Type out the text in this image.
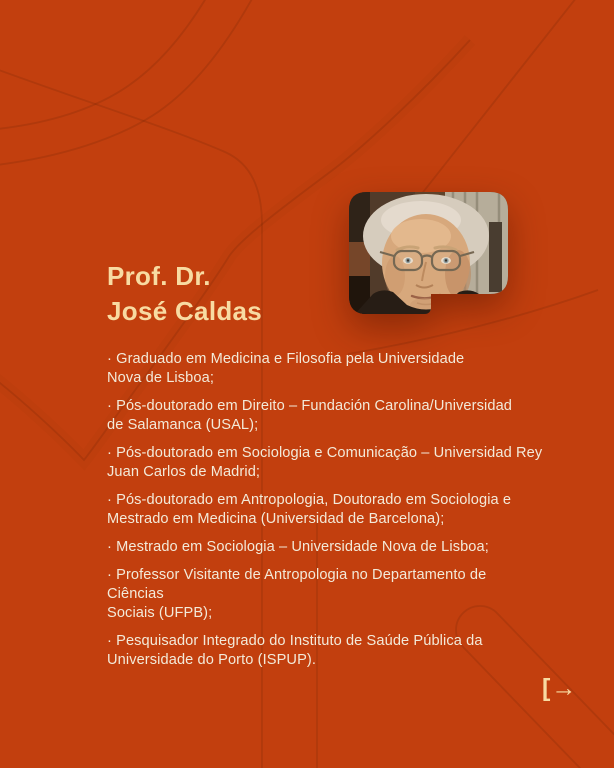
Prof. Dr.
José Caldas

· Graduado em Medicina e Filosofia pela Universidade
Nova de Lisboa;

· Pós-doutorado em Direito – Fundación Carolina/Universidad
de Salamanca (USAL);

· Pós-doutorado em Sociologia e Comunicação – Universidad Rey
Juan Carlos de Madrid;

· Pós-doutorado em Antropologia, Doutorado em Sociologia e
Mestrado em Medicina (Universidad de Barcelona);

· Mestrado em Sociologia – Universidade Nova de Lisboa;

· Professor Visitante de Antropologia no Departamento de Ciências
Sociais (UFPB);

· Pesquisador Integrado do Instituto de Saúde Pública da
Universidade do Porto (ISPUP).

[→
